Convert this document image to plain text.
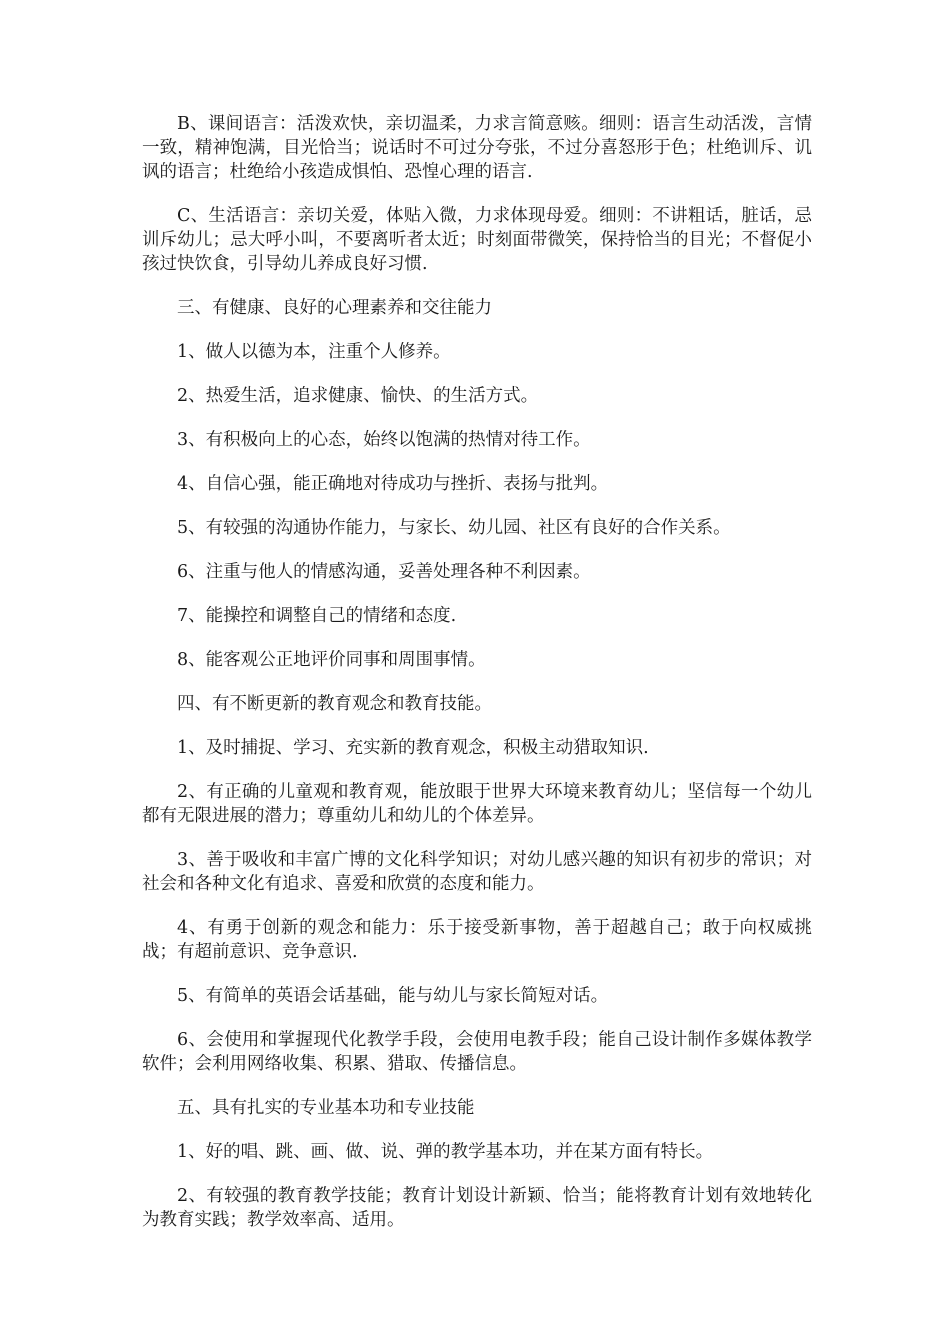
B、课间语言：活泼欢快，亲切温柔，力求言简意赅。细则：语言生动活泼，言情一致，精神饱满，目光恰当；说话时不可过分夸张，不过分喜怒形于色；杜绝训斥、讥讽的语言；杜绝给小孩造成惧怕、恐惶心理的语言.

C、生活语言：亲切关爱，体贴入微，力求体现母爱。细则：不讲粗话，脏话，忌训斥幼儿；忌大呼小叫，不要离听者太近；时刻面带微笑，保持恰当的目光；不督促小孩过快饮食，引导幼儿养成良好习惯.

三、有健康、良好的心理素养和交往能力

1、做人以德为本，注重个人修养。

2、热爱生活，追求健康、愉快、的生活方式。

3、有积极向上的心态，始终以饱满的热情对待工作。

4、自信心强，能正确地对待成功与挫折、表扬与批判。

5、有较强的沟通协作能力，与家长、幼儿园、社区有良好的合作关系。

6、注重与他人的情感沟通，妥善处理各种不利因素。

7、能操控和调整自己的情绪和态度.

8、能客观公正地评价同事和周围事情。

四、有不断更新的教育观念和教育技能。

1、及时捕捉、学习、充实新的教育观念，积极主动猎取知识.

2、有正确的儿童观和教育观，能放眼于世界大环境来教育幼儿；坚信每一个幼儿都有无限进展的潜力；尊重幼儿和幼儿的个体差异。

3、善于吸收和丰富广博的文化科学知识；对幼儿感兴趣的知识有初步的常识；对社会和各种文化有追求、喜爱和欣赏的态度和能力。

4、有勇于创新的观念和能力：乐于接受新事物，善于超越自己；敢于向权威挑战；有超前意识、竞争意识.

5、有简单的英语会话基础，能与幼儿与家长简短对话。

6、会使用和掌握现代化教学手段，会使用电教手段；能自己设计制作多媒体教学软件；会利用网络收集、积累、猎取、传播信息。

五、具有扎实的专业基本功和专业技能

1、好的唱、跳、画、做、说、弹的教学基本功，并在某方面有特长。

2、有较强的教育教学技能；教育计划设计新颖、恰当；能将教育计划有效地转化为教育实践；教学效率高、适用。
